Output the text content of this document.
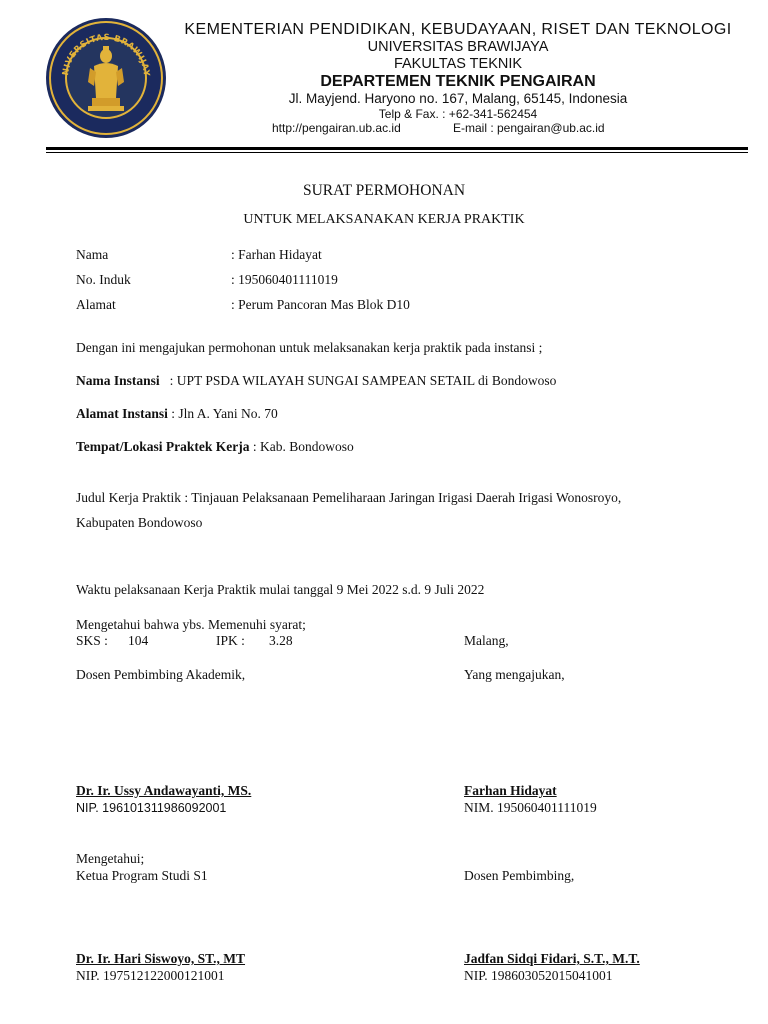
NIVERSITAS BRAWIJAY
KEMENTERIAN PENDIDIKAN, KEBUDAYAAN, RISET DAN TEKNOLOGI
UNIVERSITAS BRAWIJAYA
FAKULTAS TEKNIK
DEPARTEMEN TEKNIK PENGAIRAN
Jl. Mayjend. Haryono no. 167, Malang, 65145, Indonesia
Telp & Fax. : +62-341-562454
http://pengairan.ub.ac.id	E-mail : pengairan@ub.ac.id
SURAT PERMOHONAN
UNTUK MELAKSANAKAN KERJA PRAKTIK
Nama	: Farhan Hidayat
No. Induk	: 195060401111019
Alamat	: Perum Pancoran Mas Blok D10
Dengan ini mengajukan permohonan untuk melaksanakan kerja praktik pada instansi ;
Nama Instansi : UPT PSDA WILAYAH SUNGAI SAMPEAN SETAIL di Bondowoso
Alamat Instansi : Jln A. Yani No. 70
Tempat/Lokasi Praktek Kerja : Kab. Bondowoso
Judul Kerja Praktik : Tinjauan Pelaksanaan Pemeliharaan Jaringan Irigasi Daerah Irigasi Wonosroyo,
Kabupaten Bondowoso
Waktu pelaksanaan Kerja Praktik mulai tanggal 9 Mei 2022 s.d. 9 Juli 2022
Mengetahui bahwa ybs. Memenuhi syarat;
SKS : 104	IPK : 3.28	Malang,
Dosen Pembimbing Akademik,	Yang mengajukan,
Dr. Ir. Ussy Andawayanti, MS.	Farhan Hidayat
NIP. 196101311986092001	NIM. 195060401111019
Mengetahui;
Ketua Program Studi S1	Dosen Pembimbing,
Dr. Ir. Hari Siswoyo, ST., MT	Jadfan Sidqi Fidari, S.T., M.T.
NIP. 197512122000121001	NIP. 198603052015041001
